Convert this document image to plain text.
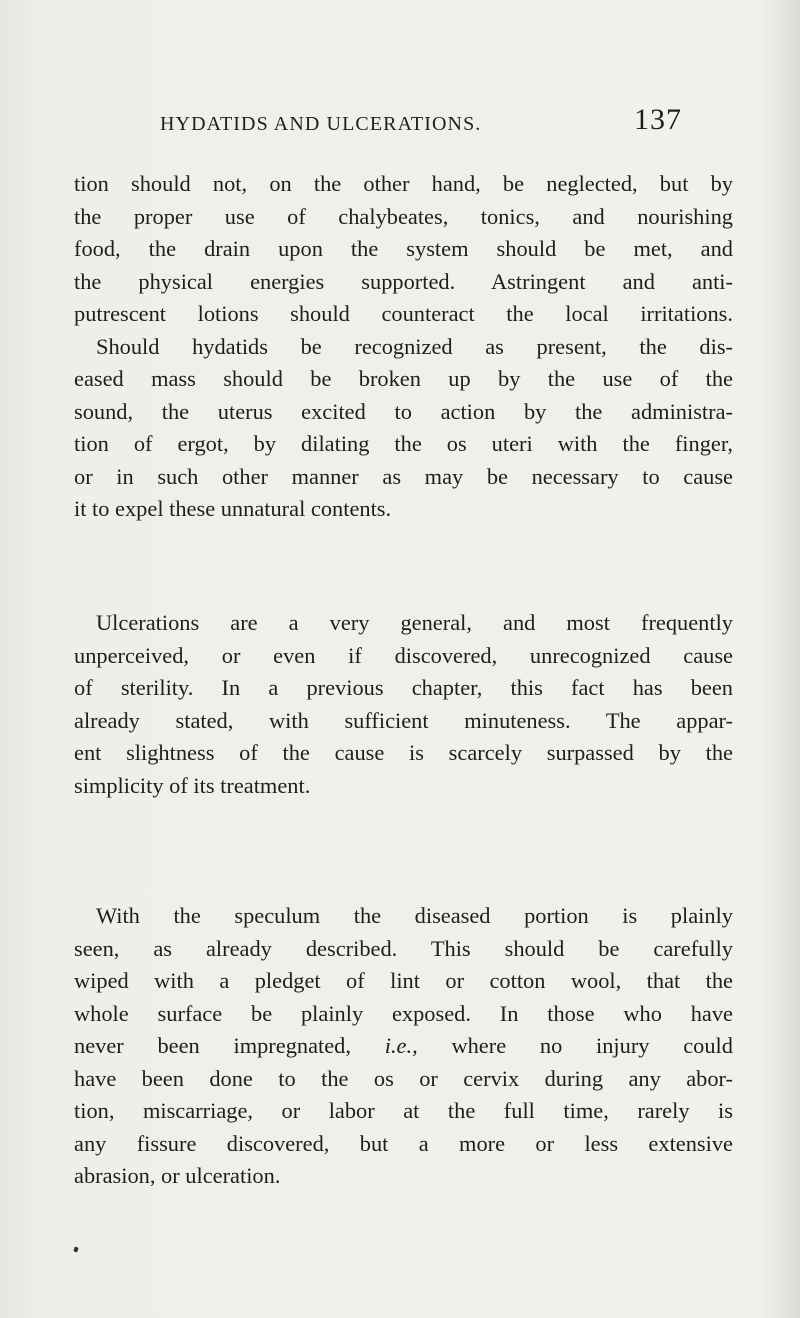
HYDATIDS AND ULCERATIONS.	137
tion should not, on the other hand, be neglected, but by
the proper use of chalybeates, tonics, and nourishing
food, the drain upon the system should be met, and
the physical energies supported. Astringent and anti-
putrescent lotions should counteract the local irritations.
Should hydatids be recognized as present, the dis-
eased mass should be broken up by the use of the
sound, the uterus excited to action by the administra-
tion of ergot, by dilating the os uteri with the finger,
or in such other manner as may be necessary to cause
it to expel these unnatural contents.
Ulcerations are a very general, and most frequently
unperceived, or even if discovered, unrecognized cause
of sterility. In a previous chapter, this fact has been
already stated, with sufficient minuteness. The appar-
ent slightness of the cause is scarcely surpassed by the
simplicity of its treatment.
With the speculum the diseased portion is plainly
seen, as already described. This should be carefully
wiped with a pledget of lint or cotton wool, that the
whole surface be plainly exposed. In those who have
never been impregnated, i.e., where no injury could
have been done to the os or cervix during any abor-
tion, miscarriage, or labor at the full time, rarely is
any fissure discovered, but a more or less extensive
abrasion, or ulceration.
